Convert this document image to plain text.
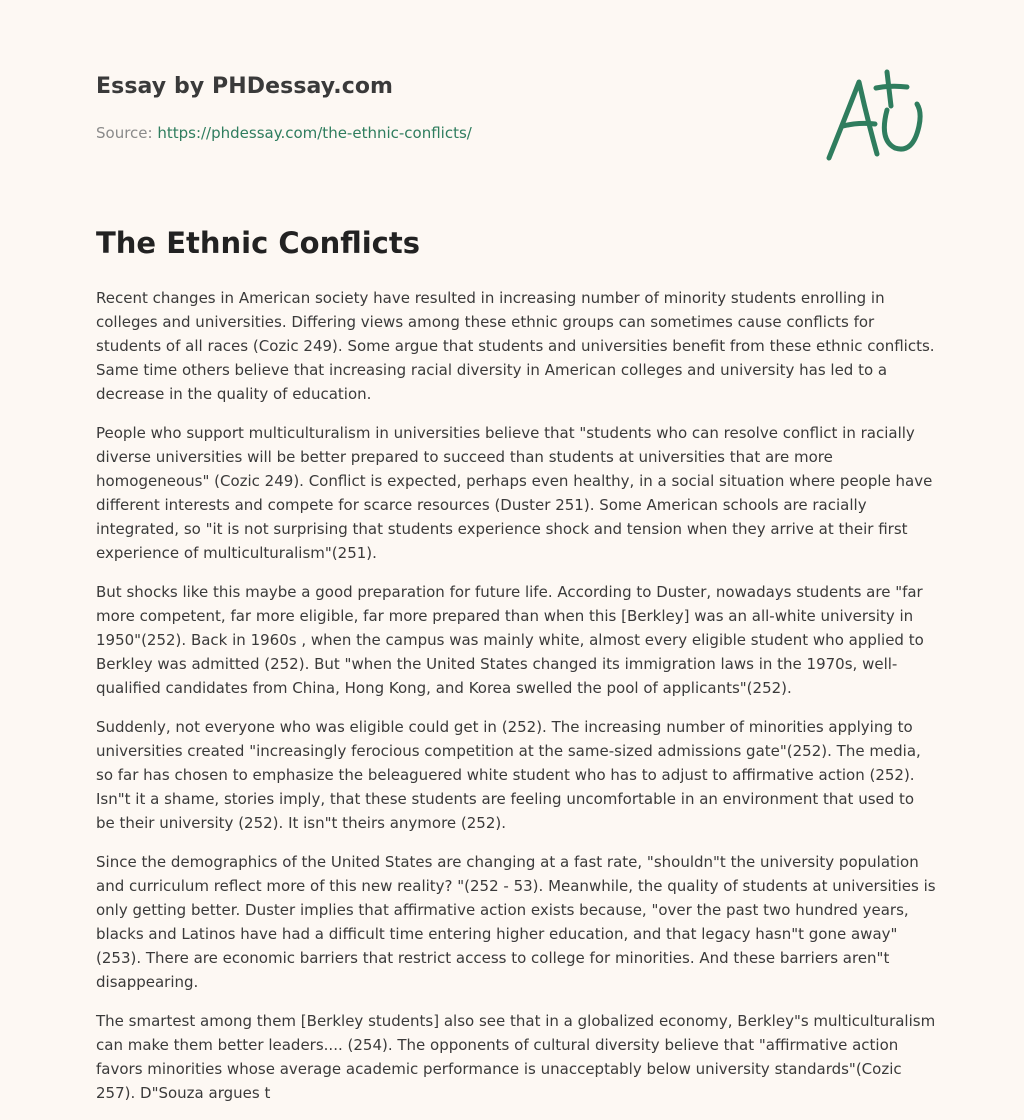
Essay by PHDessay.com
Source: https://phdessay.com/the-ethnic-conflicts/
The Ethnic Conflicts

Recent changes in American society have resulted in increasing number of minority students enrolling in colleges and universities. Differing views among these ethnic groups can sometimes cause conflicts for students of all races (Cozic 249). Some argue that students and universities benefit from these ethnic conflicts. Same time others believe that increasing racial diversity in American colleges and university has led to a decrease in the quality of education.

People who support multiculturalism in universities believe that "students who can resolve conflict in racially diverse universities will be better prepared to succeed than students at universities that are more homogeneous" (Cozic 249). Conflict is expected, perhaps even healthy, in a social situation where people have different interests and compete for scarce resources (Duster 251). Some American schools are racially integrated, so "it is not surprising that students experience shock and tension when they arrive at their first experience of multiculturalism"(251).

But shocks like this maybe a good preparation for future life. According to Duster, nowadays students are "far more competent, far more eligible, far more prepared than when this [Berkley] was an all-white university in 1950"(252). Back in 1960s , when the campus was mainly white, almost every eligible student who applied to Berkley was admitted (252). But "when the United States changed its immigration laws in the 1970s, well-qualified candidates from China, Hong Kong, and Korea swelled the pool of applicants"(252).

Suddenly, not everyone who was eligible could get in (252). The increasing number of minorities applying to universities created "increasingly ferocious competition at the same-sized admissions gate"(252). The media, so far has chosen to emphasize the beleaguered white student who has to adjust to affirmative action (252). Isn"t it a shame, stories imply, that these students are feeling uncomfortable in an environment that used to be their university (252). It isn"t theirs anymore (252).

Since the demographics of the United States are changing at a fast rate, "shouldn"t the university population and curriculum reflect more of this new reality? "(252 - 53). Meanwhile, the quality of students at universities is only getting better. Duster implies that affirmative action exists because, "over the past two hundred years, blacks and Latinos have had a difficult time entering higher education, and that legacy hasn"t gone away"(253). There are economic barriers that restrict access to college for minorities. And these barriers aren"t disappearing.

The smartest among them [Berkley students] also see that in a globalized economy, Berkley"s multiculturalism can make them better leaders.... (254). The opponents of cultural diversity believe that "affirmative action favors minorities whose average academic performance is unacceptably below university standards"(Cozic 257). D"Souza argues t
